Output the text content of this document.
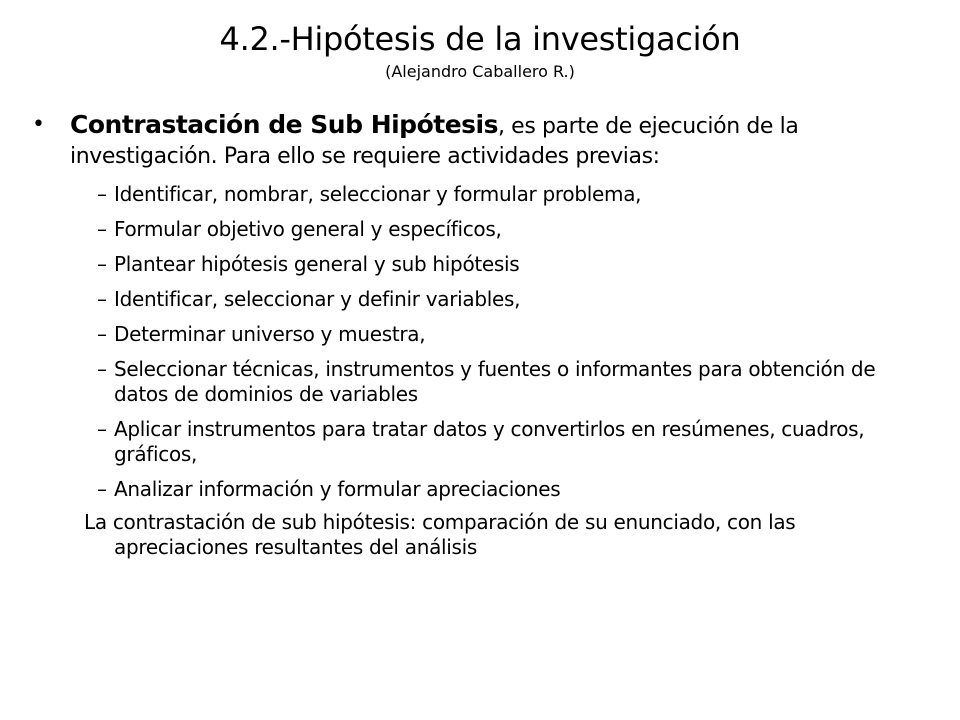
4.2.-Hipótesis de la investigación
(Alejandro Caballero R.)
• Contrastación de Sub Hipótesis, es parte de ejecución de la investigación. Para ello se requiere actividades previas:
– Identificar, nombrar, seleccionar y formular problema,
– Formular objetivo general y específicos,
– Plantear hipótesis general y sub hipótesis
– Identificar, seleccionar y definir variables,
– Determinar universo y muestra,
– Seleccionar técnicas, instrumentos y fuentes o informantes para obtención de datos de dominios de variables
– Aplicar instrumentos para tratar datos y convertirlos en resúmenes, cuadros, gráficos,
– Analizar información y formular apreciaciones
La contrastación de sub hipótesis: comparación de su enunciado, con las apreciaciones resultantes del análisis
